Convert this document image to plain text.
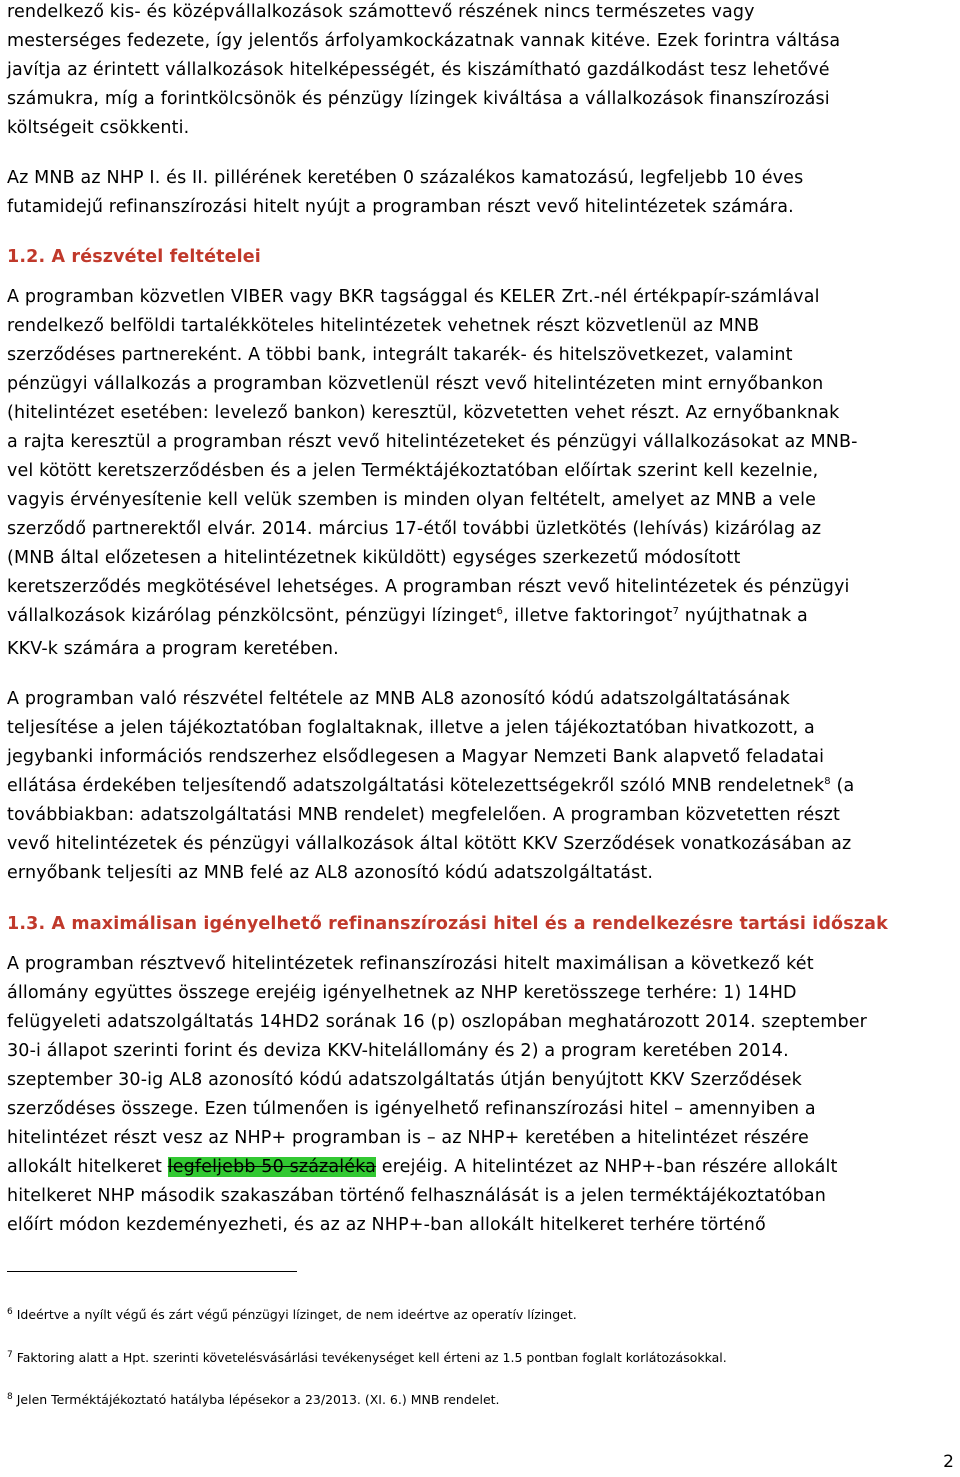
rendelkező kis- és középvállalkozások számottevő részének nincs természetes vagy
mesterséges fedezete, így jelentős árfolyamkockázatnak vannak kitéve. Ezek forintra váltása
javítja az érintett vállalkozások hitelképességét, és kiszámítható gazdálkodást tesz lehetővé
számukra, míg a forintkölcsönök és pénzügy lízingek kiváltása a vállalkozások finanszírozási
költségeit csökkenti.
Az MNB az NHP I. és II. pillérének keretében 0 százalékos kamatozású, legfeljebb 10 éves
futamidejű refinanszírozási hitelt nyújt a programban részt vevő hitelintézetek számára.
1.2. A részvétel feltételei
A programban közvetlen VIBER vagy BKR tagsággal és KELER Zrt.-nél értékpapír-számlával
rendelkező belföldi tartalékköteles hitelintézetek vehetnek részt közvetlenül az MNB
szerződéses partnereként. A többi bank, integrált takarék- és hitelszövetkezet, valamint
pénzügyi vállalkozás a programban közvetlenül részt vevő hitelintézeten mint ernyőbankon
(hitelintézet esetében: levelező bankon) keresztül, közvetetten vehet részt. Az ernyőbanknak
a rajta keresztül a programban részt vevő hitelintézeteket és pénzügyi vállalkozásokat az MNB-
vel kötött keretszerződésben és a jelen Terméktájékoztatóban előírtak szerint kell kezelnie,
vagyis érvényesítenie kell velük szemben is minden olyan feltételt, amelyet az MNB a vele
szerződő partnerektől elvár. 2014. március 17-étől további üzletkötés (lehívás) kizárólag az
(MNB által előzetesen a hitelintézetnek kiküldött) egységes szerkezetű módosított
keretszerződés megkötésével lehetséges. A programban részt vevő hitelintézetek és pénzügyi
vállalkozások kizárólag pénzkölcsönt, pénzügyi lízinget$^6$, illetve faktoringot$^7$ nyújthatnak a
KKV-k számára a program keretében.
A programban való részvétel feltétele az MNB AL8 azonosító kódú adatszolgáltatásának
teljesítése a jelen tájékoztatóban foglaltaknak, illetve a jelen tájékoztatóban hivatkozott, a
jegybanki információs rendszerhez elsődlegesen a Magyar Nemzeti Bank alapvető feladatai
ellátása érdekében teljesítendő adatszolgáltatási kötelezettségekről szóló MNB rendeletnek$^8$ (a
továbbiakban: adatszolgáltatási MNB rendelet) megfelelően. A programban közvetetten részt
vevő hitelintézetek és pénzügyi vállalkozások által kötött KKV Szerződések vonatkozásában az
ernyőbank teljesíti az MNB felé az AL8 azonosító kódú adatszolgáltatást.
1.3. A maximálisan igényelhető refinanszírozási hitel és a rendelkezésre tartási időszak
A programban résztvevő hitelintézetek refinanszírozási hitelt maximálisan a következő két
állomány együttes összege erejéig igényelhetnek az NHP keretösszege terhére: 1) 14HD
felügyeleti adatszolgáltatás 14HD2 sorának 16 (p) oszlopában meghatározott 2014. szeptember
30-i állapot szerinti forint és deviza KKV-hitelállomány és 2) a program keretében 2014.
szeptember 30-ig AL8 azonosító kódú adatszolgáltatás útján benyújtott KKV Szerződések
szerződéses összege. Ezen túlmenően is igényelhető refinanszírozási hitel – amennyiben a
hitelintézet részt vesz az NHP+ programban is – az NHP+ keretében a hitelintézet részére
allokált hitelkeret legfeljebb 50 százaléka erejéig. A hitelintézet az NHP+-ban részére allokált
hitelkeret NHP második szakaszában történő felhasználását is a jelen terméktájékoztatóban
előírt módon kezdeményezheti, és az az NHP+-ban allokált hitelkeret terhére történő
$^6$ Ideértve a nyílt végű és zárt végű pénzügyi lízinget, de nem ideértve az operatív lízinget.
$^7$ Faktoring alatt a Hpt. szerinti követelésvásárlási tevékenységet kell érteni az 1.5 pontban foglalt korlátozásokkal.
$^8$ Jelen Terméktájékoztató hatályba lépésekor a 23/2013. (XI. 6.) MNB rendelet.
2
